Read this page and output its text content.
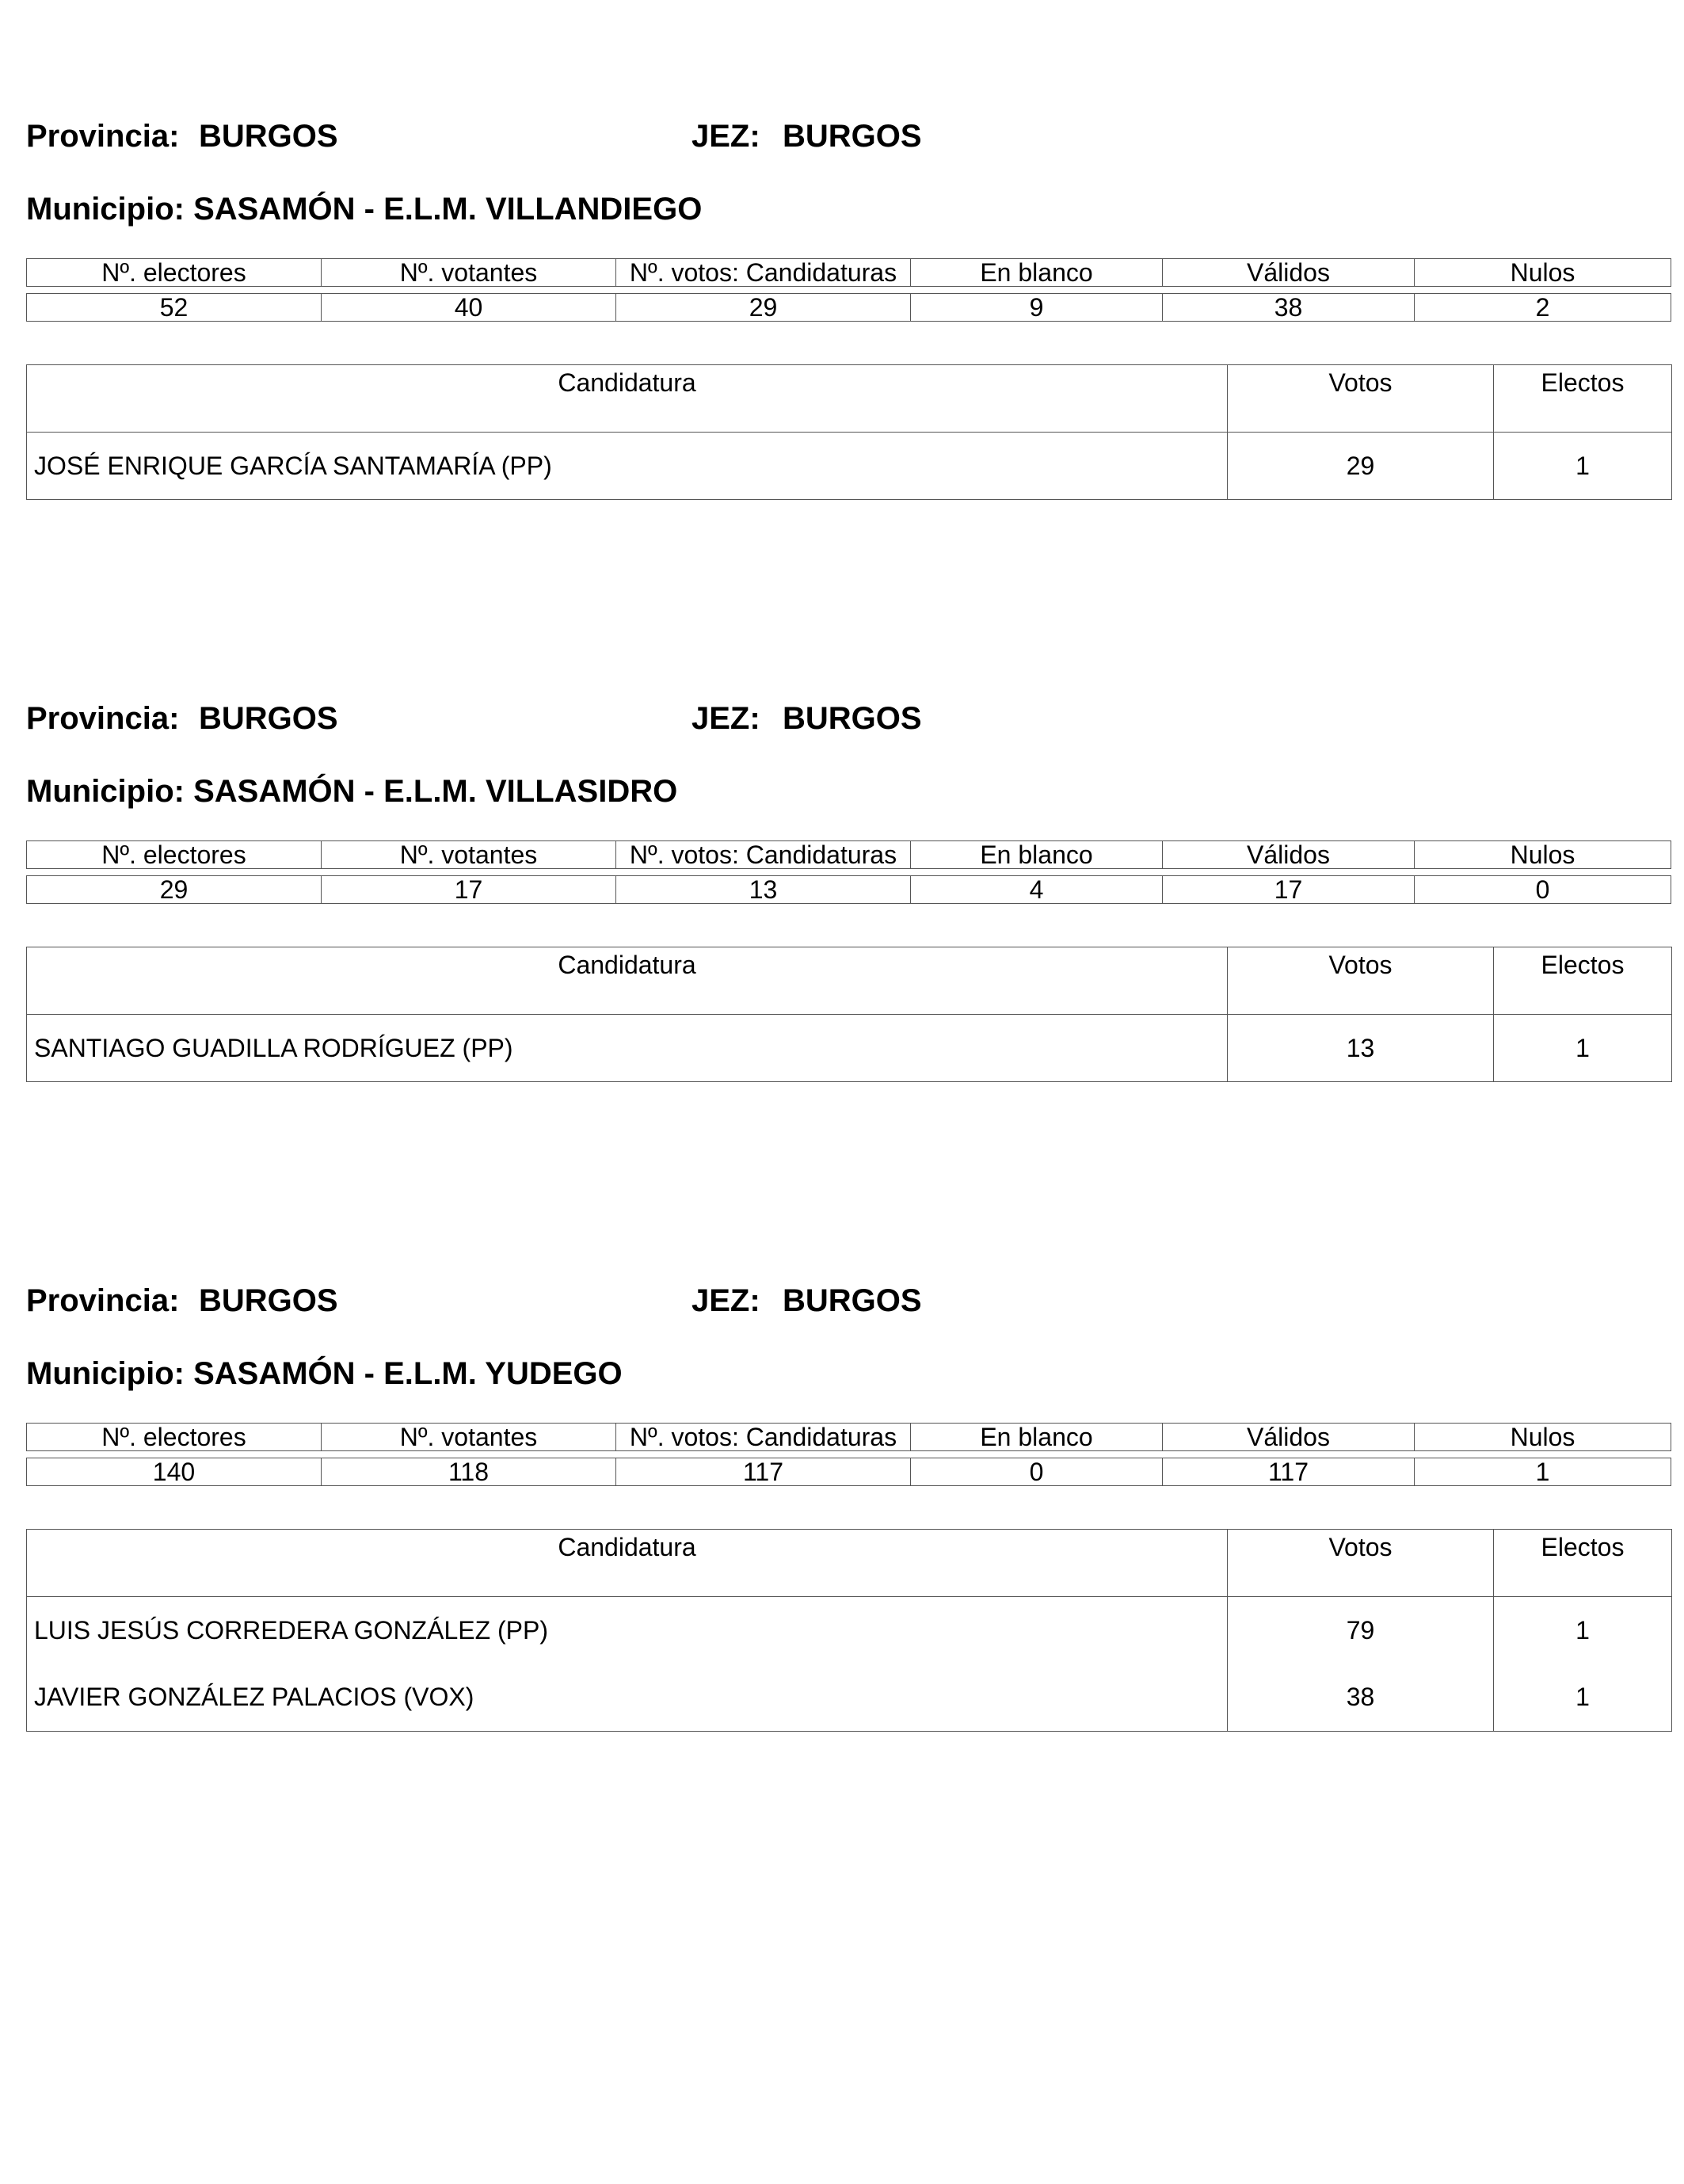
Provincia: BURGOS	JEZ: BURGOS
Municipio: SASAMÓN - E.L.M. VILLANDIEGO
Nº. electores	Nº. votantes	Nº. votos: Candidaturas	En blanco	Válidos	Nulos
52	40	29	9	38	2
Candidatura	Votos	Electos
JOSÉ ENRIQUE GARCÍA SANTAMARÍA (PP)	29	1
Provincia: BURGOS	JEZ: BURGOS
Municipio: SASAMÓN - E.L.M. VILLASIDRO
Nº. electores	Nº. votantes	Nº. votos: Candidaturas	En blanco	Válidos	Nulos
29	17	13	4	17	0
Candidatura	Votos	Electos
SANTIAGO GUADILLA RODRÍGUEZ (PP)	13	1
Provincia: BURGOS	JEZ: BURGOS
Municipio: SASAMÓN - E.L.M. YUDEGO
Nº. electores	Nº. votantes	Nº. votos: Candidaturas	En blanco	Válidos	Nulos
140	118	117	0	117	1
Candidatura	Votos	Electos
LUIS JESÚS CORREDERA GONZÁLEZ (PP)	79	1
JAVIER GONZÁLEZ PALACIOS (VOX)	38	1
